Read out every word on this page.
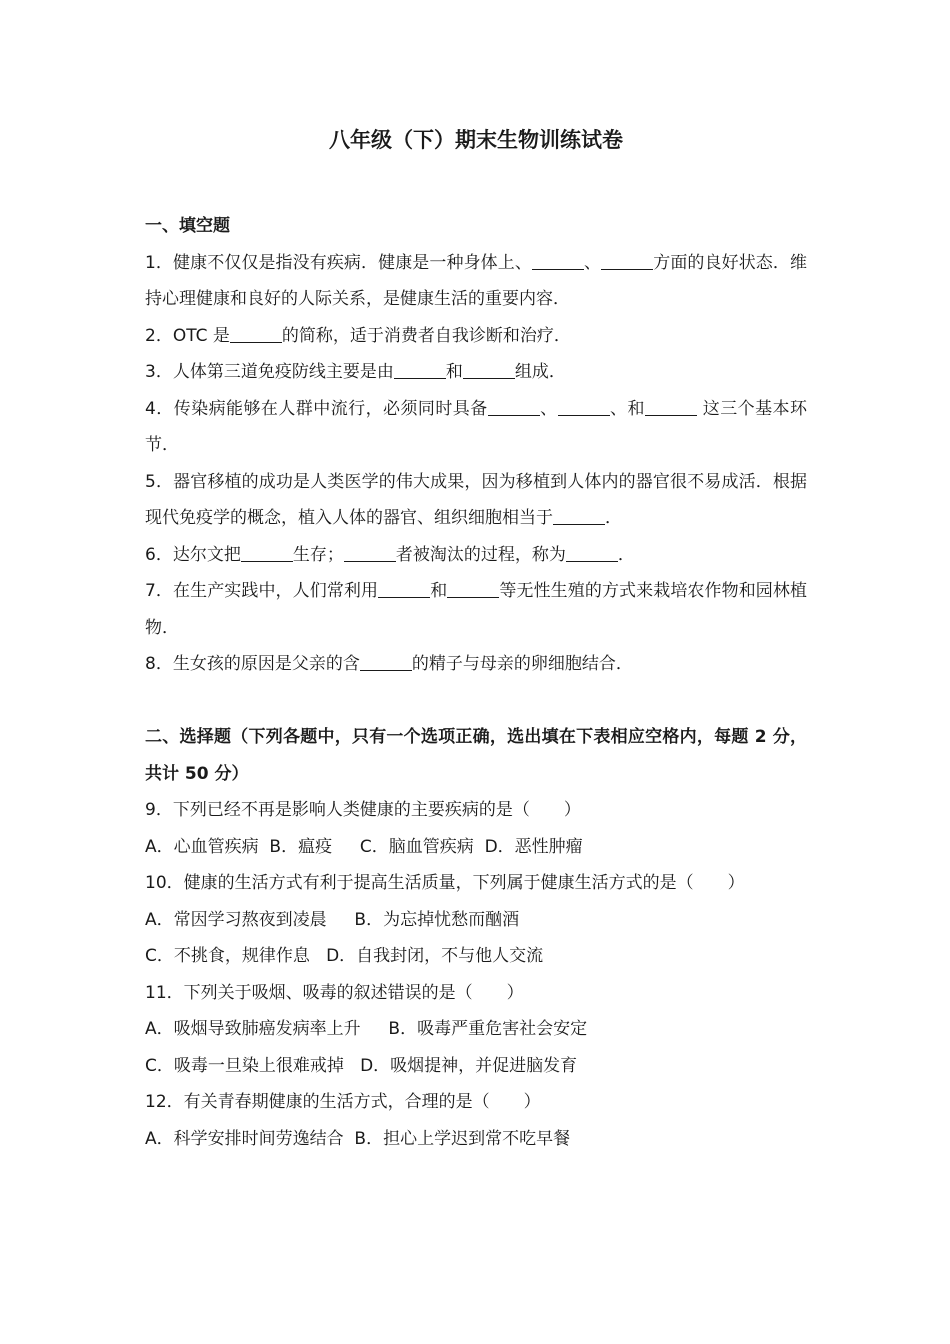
八年级（下）期末生物训练试卷
一、填空题
1．健康不仅仅是指没有疾病．健康是一种身体上、	、	方面的良好状态．维持心理健康和良好的人际关系，是健康生活的重要内容．
2．OTC 是	的简称，适于消费者自我诊断和治疗．
3．人体第三道免疫防线主要是由	和	组成．
4．传染病能够在人群中流行，必须同时具备	、	、和	这三个基本环节．
5．器官移植的成功是人类医学的伟大成果，因为移植到人体内的器官很不易成活．根据现代免疫学的概念，植入人体的器官、组织细胞相当于	．
6．达尔文把	生存；	者被淘汰的过程，称为	．
7．在生产实践中，人们常利用	和	等无性生殖的方式来栽培农作物和园林植物．
8．生女孩的原因是父亲的含	的精子与母亲的卵细胞结合．
二、选择题（下列各题中，只有一个选项正确，选出填在下表相应空格内，每题 2 分，共计 50 分）
9．下列已经不再是影响人类健康的主要疾病的是（　　）
A．心血管疾病  B．瘟疫　  C．脑血管疾病  D．恶性肿瘤
10．健康的生活方式有利于提高生活质量，下列属于健康生活方式的是（　　）
A．常因学习熬夜到凌晨　  B．为忘掉忧愁而酗酒
C．不挑食，规律作息   D．自我封闭，不与他人交流
11．下列关于吸烟、吸毒的叙述错误的是（　　）
A．吸烟导致肺癌发病率上升　  B．吸毒严重危害社会安定
C．吸毒一旦染上很难戒掉   D．吸烟提神，并促进脑发育
12．有关青春期健康的生活方式，合理的是（　　）
A．科学安排时间劳逸结合  B．担心上学迟到常不吃早餐
